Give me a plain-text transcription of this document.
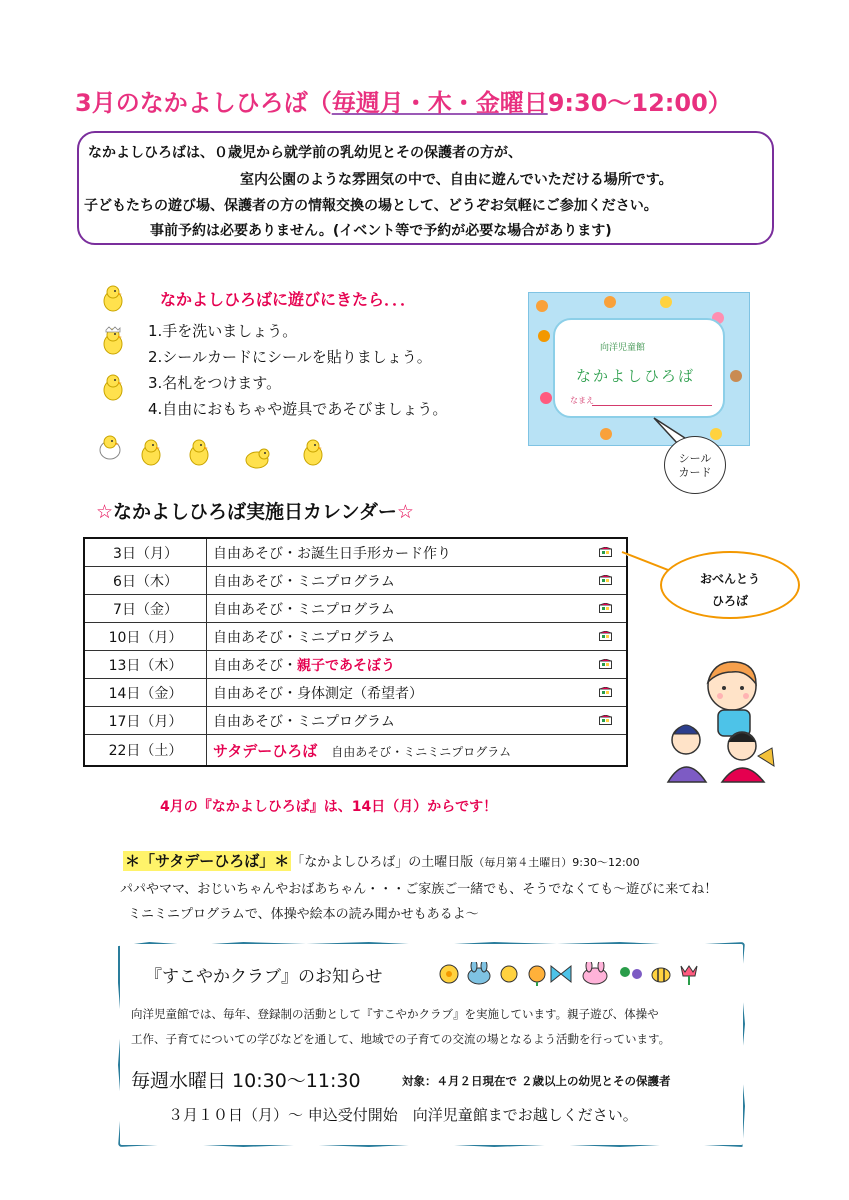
3月のなかよしひろば（毎週月・木・金曜日9:30〜12:00）
なかよしひろばは、０歳児から就学前の乳幼児とその保護者の方が、
室内公園のような雰囲気の中で、自由に遊んでいただける場所です。
子どもたちの遊び場、保護者の方の情報交換の場として、どうぞお気軽にご参加ください。
事前予約は必要ありません。(イベント等で予約が必要な場合があります)
なかよしひろばに遊びにきたら．．．
1.手を洗いましょう。
2.シールカードにシールを貼りましょう。
3.名札をつけます。
4.自由におもちゃや遊具であそびましょう。
向洋児童館
なかよしひろば
なまえ
シール
カード
☆なかよしひろば実施日カレンダー☆
3日（月）	自由あそび・お誕生日手形カード作り

6日（木）	自由あそび・ミニプログラム

7日（金）	自由あそび・ミニプログラム

10日（月）	自由あそび・ミニプログラム

13日（木）	自由あそび・親子であそぼう

14日（金）	自由あそび・身体測定（希望者）

17日（月）	自由あそび・ミニプログラム

22日（土）	サタデーひろば　 自由あそび・ミニミニプログラム
おべんとう
ひろば
4月の『なかよしひろば』は、14日（月）からです！
＊「サタデーひろば」＊ 「なかよしひろば」の土曜日版（毎月第４土曜日）9:30〜12:00
パパやママ、おじいちゃんやおばあちゃん・・・ご家族ご一緒でも、そうでなくても〜遊びに来てね！
ミニミニプログラムで、体操や絵本の読み聞かせもあるよ〜
『すこやかクラブ』のお知らせ
向洋児童館では、毎年、登録制の活動として『すこやかクラブ』を実施しています。親子遊び、体操や
工作、子育てについての学びなどを通して、地域での子育ての交流の場となるよう活動を行っています。
毎週水曜日 10:30〜11:30	対象：４月２日現在で ２歳以上の幼児とその保護者
３月１０日（月）〜 申込受付開始　向洋児童館までお越しください。
